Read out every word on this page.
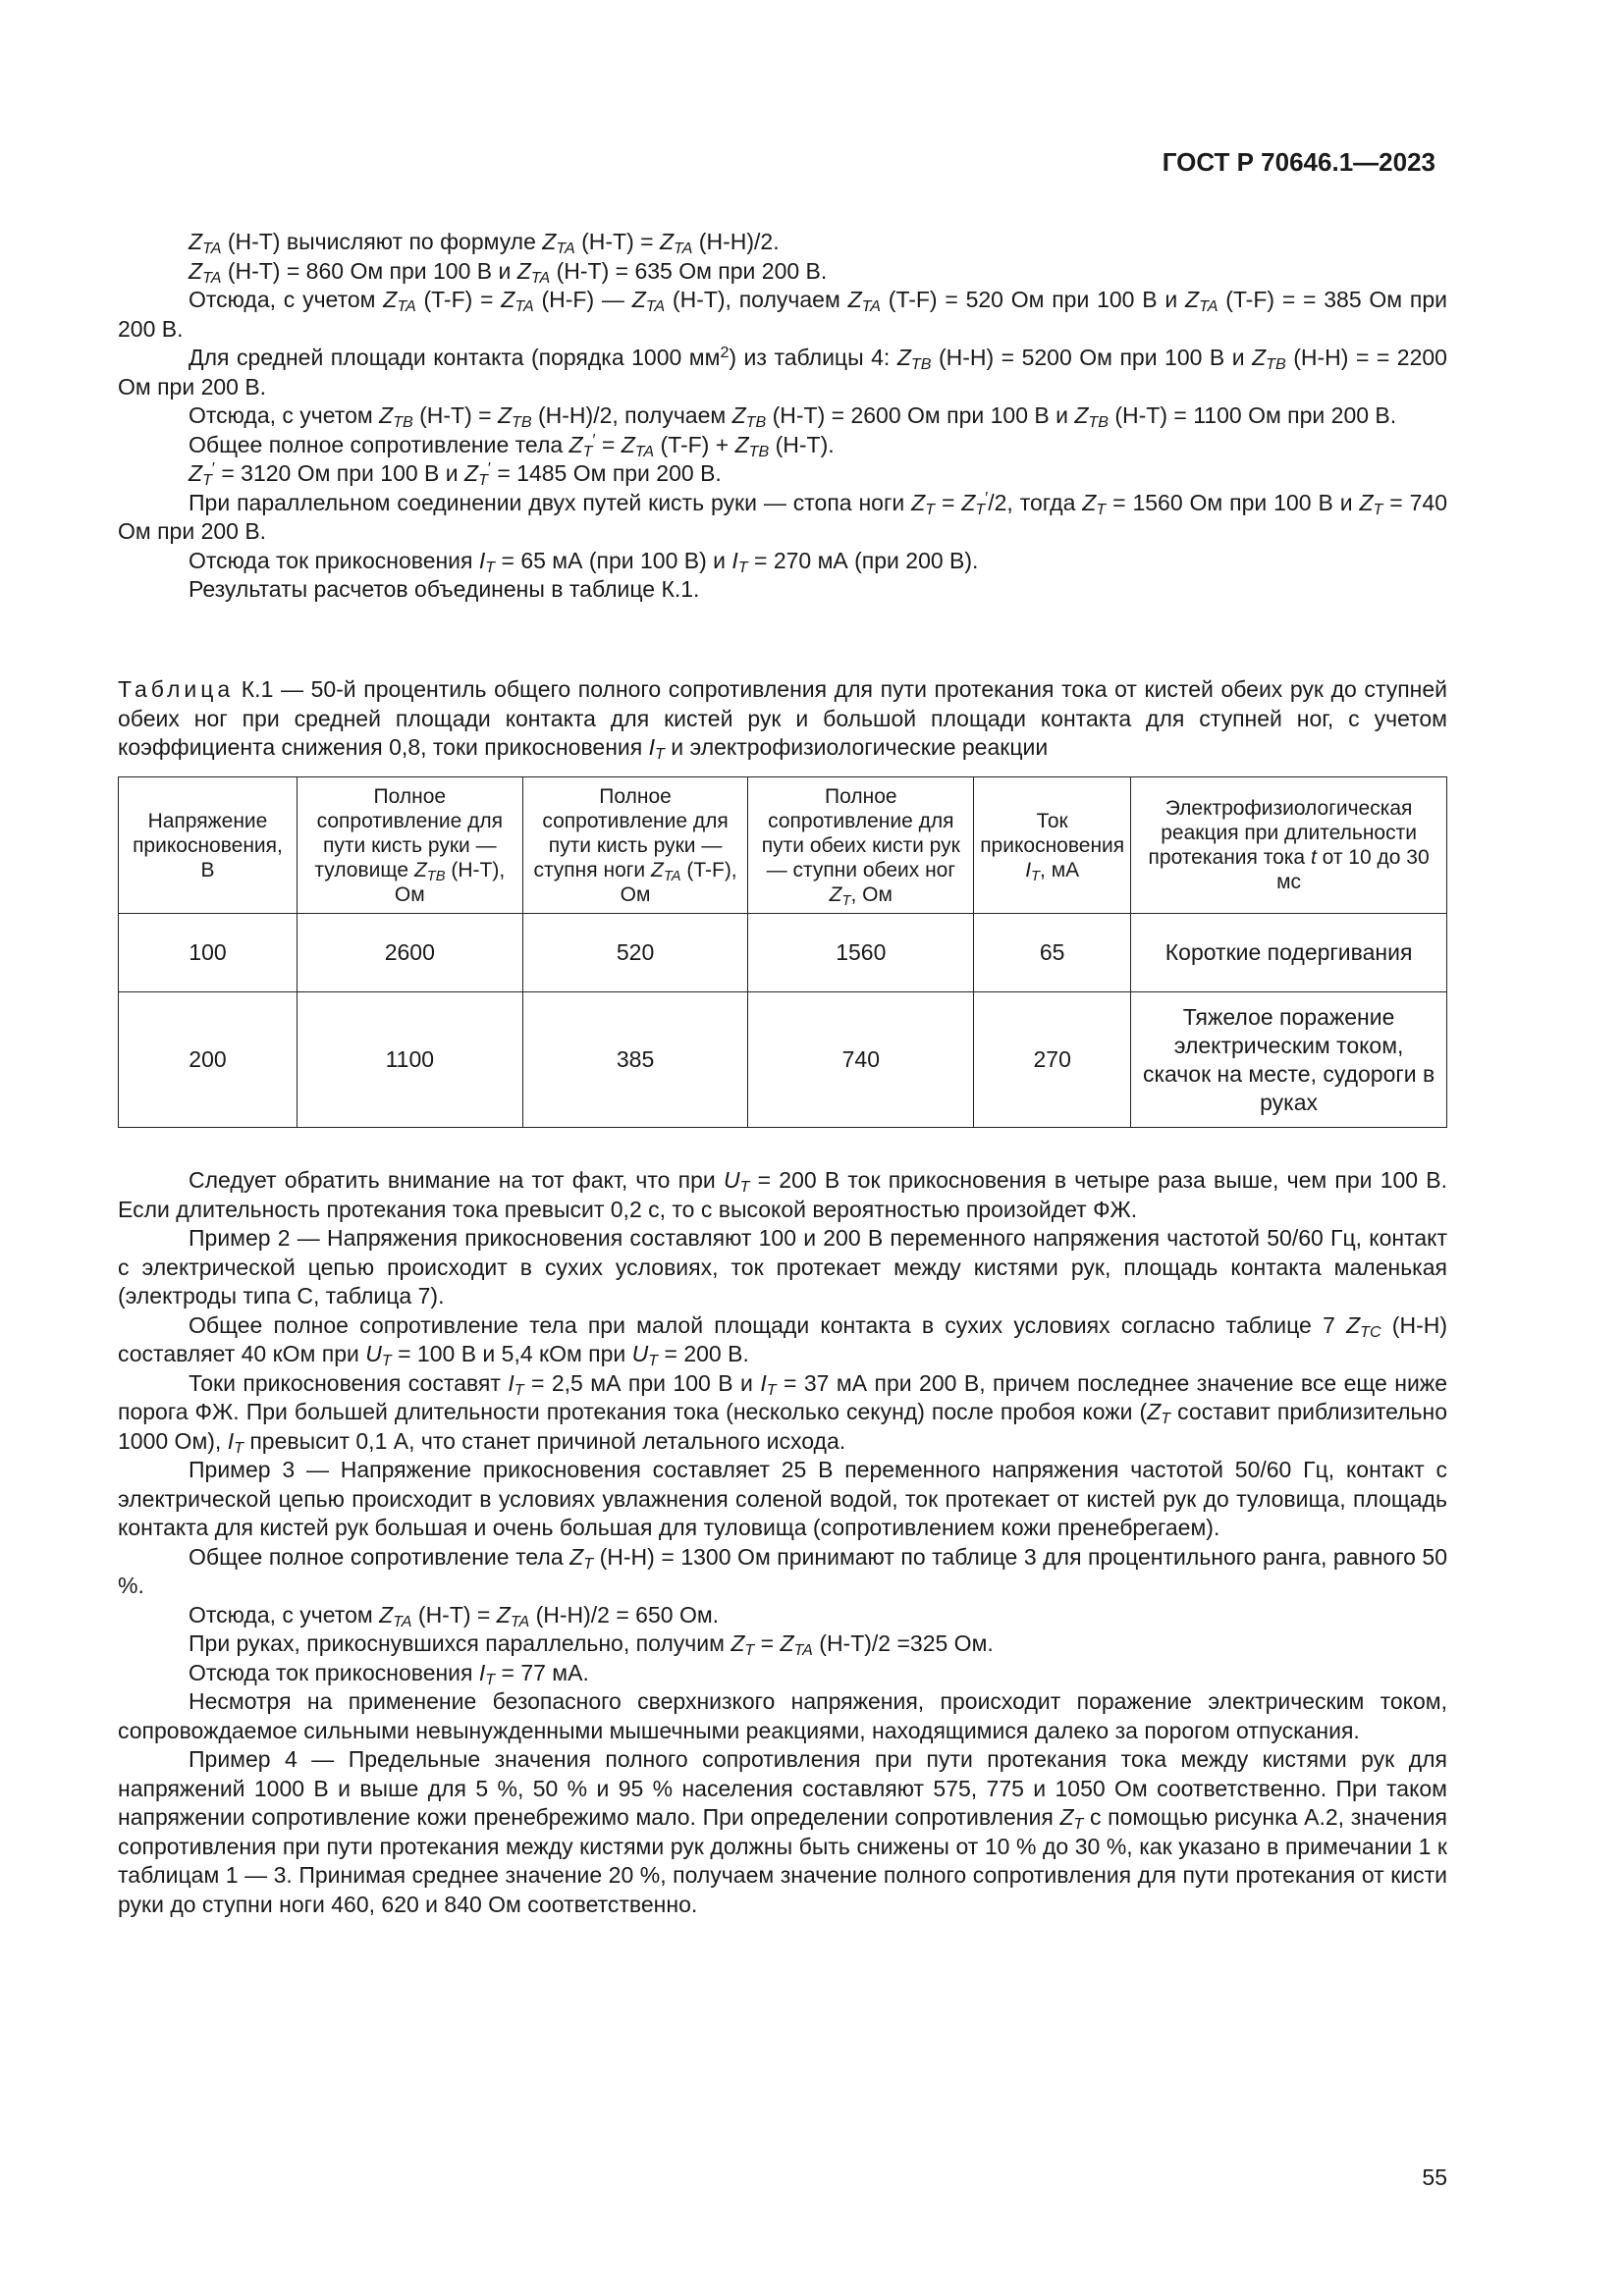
ГОСТ Р 70646.1—2023

$Z_{TA}$ (H-T) вычисляют по формуле $Z_{TA}$ $(H-T) = Z_{TA}$ (H-H)/2.

$Z_{TA}$ (H-T) = 860 Ом при 100 В и $Z_{TA}$ (H-T) = 635 Ом при 200 В.

Отсюда, с учетом $Z_{TA}$ $(T-F) = Z_{TA}$ (H-F) — $Z_{TA}$ (H-T), получаем $Z_{TA}$ (T-F) = 520 Ом при 100 В и $Z_{TA}$ (T-F) = = 385 Ом при 200 В.

Для средней площади контакта (порядка 1000 $мм^2$) из таблицы 4: $Z_{TB}$ (H-H) = 5200 Ом при 100 В и $Z_{TB}$ (H-H) = = 2200 Ом при 200 В.

Отсюда, с учетом $Z_{TB}$ $(H-T) = Z_{TB}$ (H-H)/2, получаем $Z_{TB}$ (H-T) = 2600 Ом при 100 В и $Z_{TB}$ (H-T) = 1100 Ом при 200 В.

Общее полное сопротивление тела $Z_T' = Z_{TA}$ $(T-F) + Z_{TB}$ (H-T).

$Z_T' = 3120$ Ом при 100 В и $Z_T' = 1485$ Ом при 200 В.

При параллельном соединении двух путей кисть руки — стопа ноги $Z_T = Z_T'/2$, тогда $Z_T = 1560$ Ом при 100 В и $Z_T = 740$ Ом при 200 В.

Отсюда ток прикосновения $I_T = 65$ мА (при 100 В) и $I_T = 270$ мА (при 200 В).

Результаты расчетов объединены в таблице К.1.

Таблица К.1 — 50-й процентиль общего полного сопротивления для пути протекания тока от кистей обеих рук до ступней обеих ног при средней площади контакта для кистей рук и большой площади контакта для ступней ног, с учетом коэффициента снижения 0,8, токи прикосновения $I_T$ и электрофизиологические реакции
Напряжение прикосновения, В	Полное сопротивление для пути кисть руки — туловище $Z_{TB}$ (H-T), Ом	Полное сопротивление для пути кисть руки — ступня ноги $Z_{TA}$ (T-F), Ом	Полное сопротивление для пути обеих кисти рук — ступни обеих ног $Z_T$, Ом	Ток прикосновения $I_T$, мА	Электрофизиологическая реакция при длительности протекания тока t от 10 до 30 мс
100	2600	520	1560	65	Короткие подергивания
200	1100	385	740	270	Тяжелое поражение электрическим током, скачок на месте, судороги в руках

Следует обратить внимание на тот факт, что при $U_T = 200$ В ток прикосновения в четыре раза выше, чем при 100 В. Если длительность протекания тока превысит 0,2 с, то с высокой вероятностью произойдет ФЖ.

Пример 2 — Напряжения прикосновения составляют 100 и 200 В переменного напряжения частотой 50/60 Гц, контакт с электрической цепью происходит в сухих условиях, ток протекает между кистями рук, площадь контакта маленькая (электроды типа С, таблица 7).

Общее полное сопротивление тела при малой площади контакта в сухих условиях согласно таблице 7 $Z_{TC}$ (H-H) составляет 40 кОм при $U_T = 100$ В и 5,4 кОм при $U_T = 200$ В.

Токи прикосновения составят $I_T = 2,5$ мА при 100 В и $I_T = 37$ мА при 200 В, причем последнее значение все еще ниже порога ФЖ. При большей длительности протекания тока (несколько секунд) после пробоя кожи ($Z_T$ составит приблизительно 1000 Ом), $I_T$ превысит 0,1 А, что станет причиной летального исхода.

Пример 3 — Напряжение прикосновения составляет 25 В переменного напряжения частотой 50/60 Гц, контакт с электрической цепью происходит в условиях увлажнения соленой водой, ток протекает от кистей рук до туловища, площадь контакта для кистей рук большая и очень большая для туловища (сопротивлением кожи пренебрегаем).

Общее полное сопротивление тела $Z_T$ (H-H) = 1300 Ом принимают по таблице 3 для процентильного ранга, равного 50 %.

Отсюда, с учетом $Z_{TA}$ $(H-T) = Z_{TA}$ (H-H)/2 = 650 Ом.

При руках, прикоснувшихся параллельно, получим $Z_T = Z_{TA}$ (H-T)/2 =325 Ом.

Отсюда ток прикосновения $I_T = 77$ мА.

Несмотря на применение безопасного сверхнизкого напряжения, происходит поражение электрическим током, сопровождаемое сильными невынужденными мышечными реакциями, находящимися далеко за порогом отпускания.

Пример 4 — Предельные значения полного сопротивления при пути протекания тока между кистями рук для напряжений 1000 В и выше для 5 %, 50 % и 95 % населения составляют 575, 775 и 1050 Ом соответственно. При таком напряжении сопротивление кожи пренебрежимо мало. При определении сопротивления $Z_T$ с помощью рисунка А.2, значения сопротивления при пути протекания между кистями рук должны быть снижены от 10 % до 30 %, как указано в примечании 1 к таблицам 1 — 3. Принимая среднее значение 20 %, получаем значение полного сопротивления для пути протекания от кисти руки до ступни ноги 460, 620 и 840 Ом соответственно.

55
